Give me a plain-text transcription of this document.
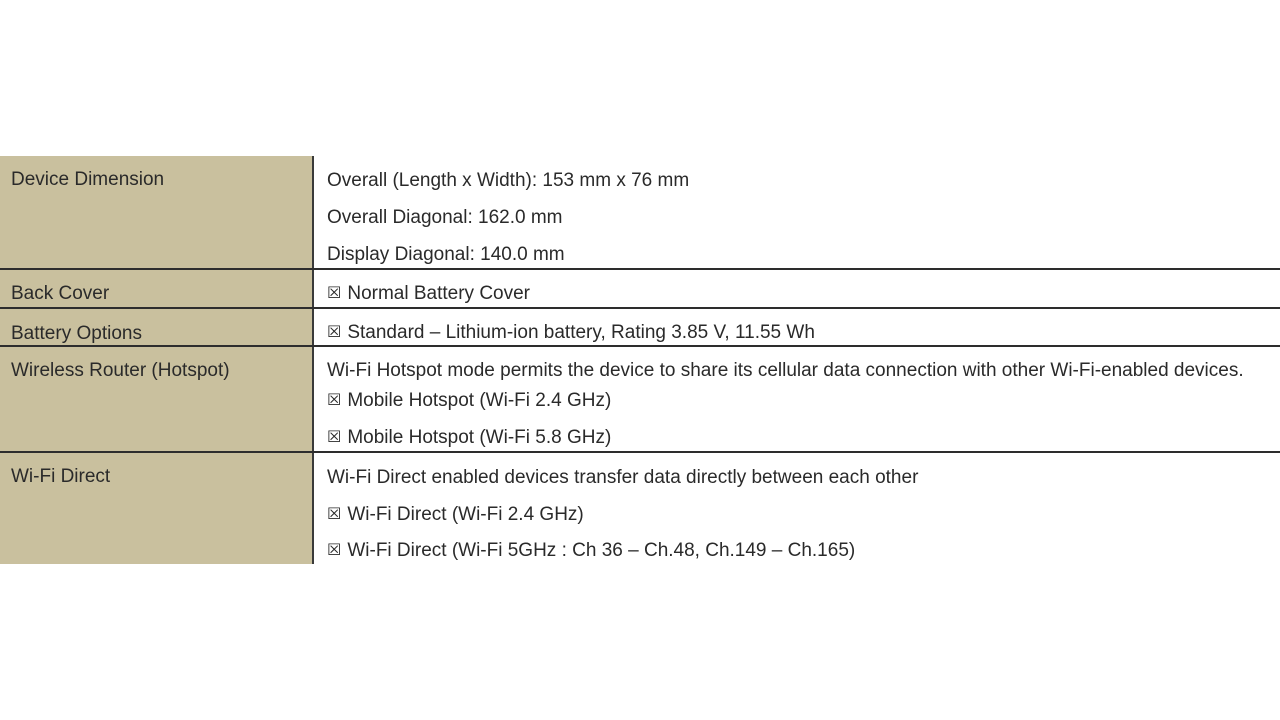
Device Dimension	Overall (Length x Width): 153 mm x 76 mm
Overall Diagonal: 162.0 mm
Display Diagonal: 140.0 mm
Back Cover	☒ Normal Battery Cover
Battery Options	☒ Standard – Lithium-ion battery, Rating 3.85 V, 11.55 Wh
Wireless Router (Hotspot)	Wi-Fi Hotspot mode permits the device to share its cellular data connection with other Wi-Fi-enabled devices.
☒ Mobile Hotspot (Wi-Fi 2.4 GHz)
☒ Mobile Hotspot (Wi-Fi 5.8 GHz)
Wi-Fi Direct	Wi-Fi Direct enabled devices transfer data directly between each other
☒ Wi-Fi Direct (Wi-Fi 2.4 GHz)
☒ Wi-Fi Direct (Wi-Fi 5GHz : Ch 36 – Ch.48, Ch.149 – Ch.165)
